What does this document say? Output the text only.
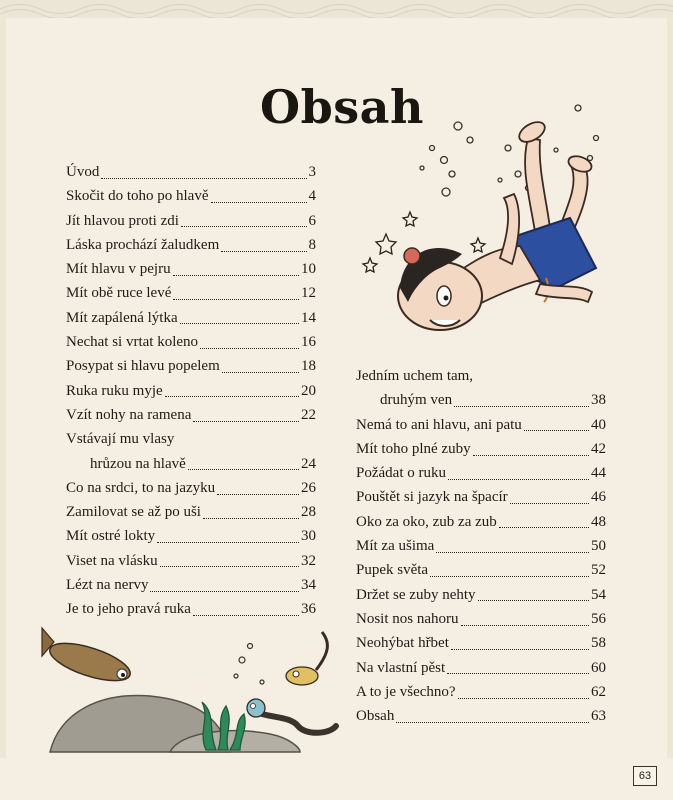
Obsah
Úvod	3
Skočit do toho po hlavě	4
Jít hlavou proti zdi	6
Láska prochází žaludkem	8
Mít hlavu v pejru	10
Mít obě ruce levé	12
Mít zapálená lýtka	14
Nechat si vrtat koleno	16
Posypat si hlavu popelem	18
Ruka ruku myje	20
Vzít nohy na ramena	22
Vstávají mu vlasy
hrůzou na hlavě	24
Co na srdci, to na jazyku	26
Zamilovat se až po uši	28
Mít ostré lokty	30
Viset na vlásku	32
Lézt na nervy	34
Je to jeho pravá ruka	36
Jedním uchem tam,
druhým ven	38
Nemá to ani hlavu, ani patu	40
Mít toho plné zuby	42
Požádat o ruku	44
Pouštět si jazyk na špacír	46
Oko za oko, zub za zub	48
Mít za ušima	50
Pupek světa	52
Držet se zuby nehty	54
Nosit nos nahoru	56
Neohýbat hřbet	58
Na vlastní pěst	60
A to je všechno?	62
Obsah	63
63
